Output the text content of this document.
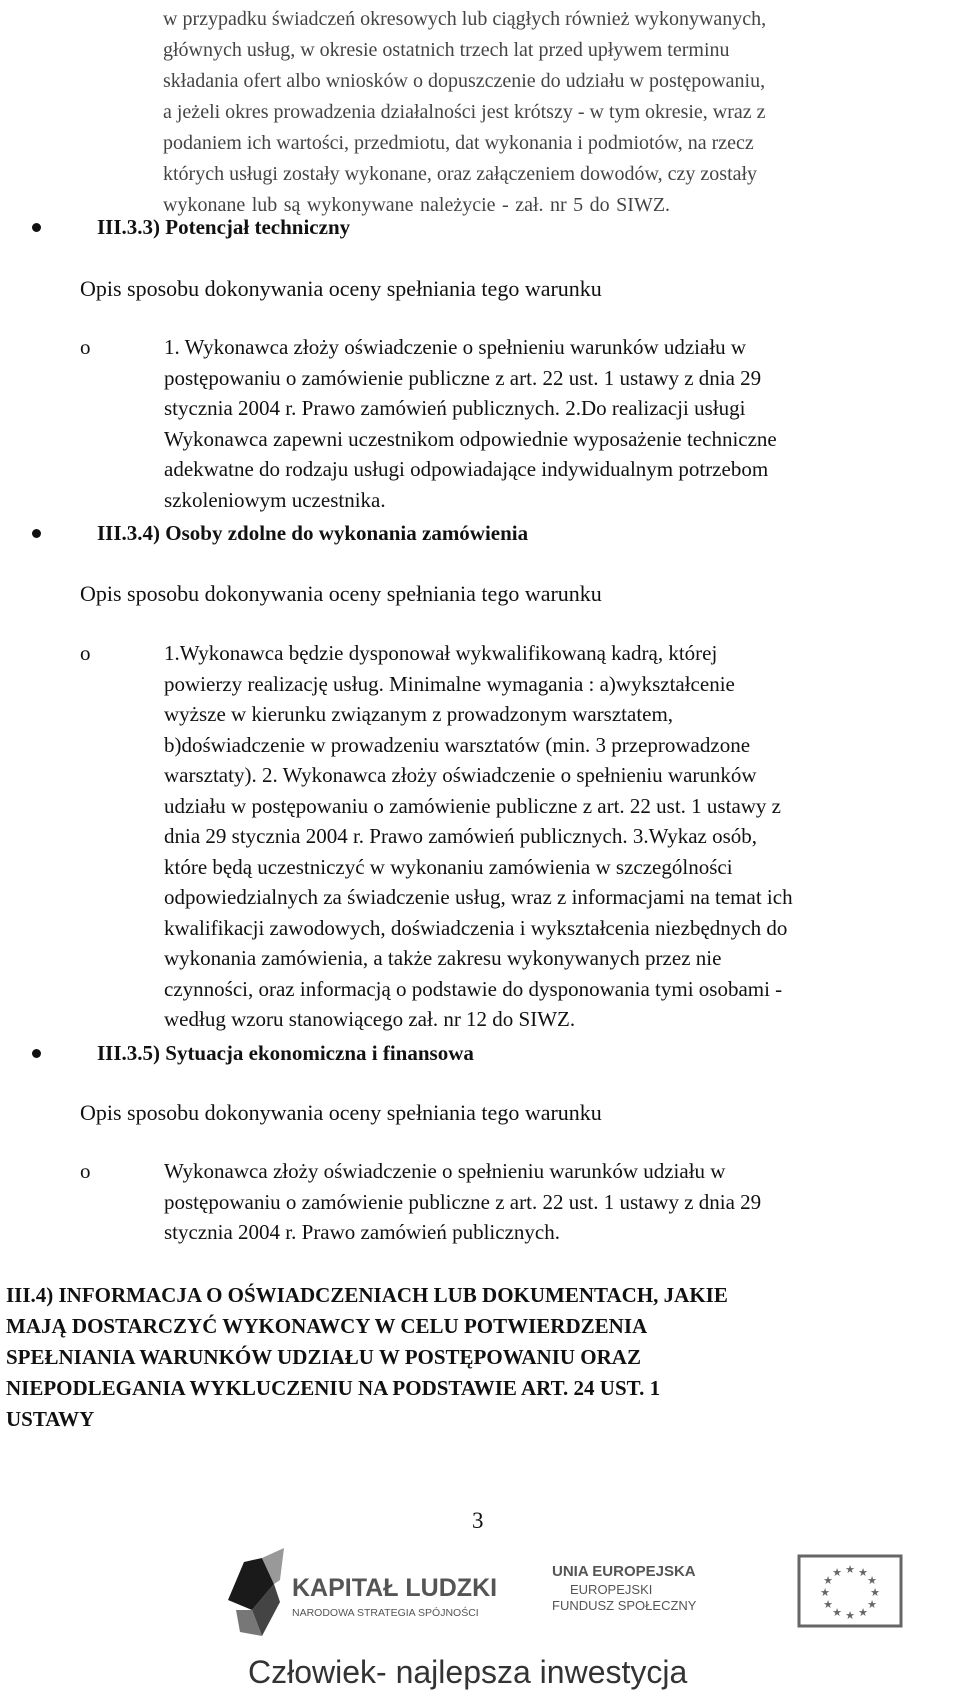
w przypadku świadczeń okresowych lub ciągłych również wykonywanych,
głównych usług, w okresie ostatnich trzech lat przed upływem terminu
składania ofert albo wniosków o dopuszczenie do udziału w postępowaniu,
a jeżeli okres prowadzenia działalności jest krótszy - w tym okresie, wraz z
podaniem ich wartości, przedmiotu, dat wykonania i podmiotów, na rzecz
których usługi zostały wykonane, oraz załączeniem dowodów, czy zostały
wykonane lub są wykonywane należycie - zał. nr 5 do SIWZ.
III.3.3) Potencjał techniczny
Opis sposobu dokonywania oceny spełniania tego warunku
o	1. Wykonawca złoży oświadczenie o spełnieniu warunków udziału w
postępowaniu o zamówienie publiczne z art. 22 ust. 1 ustawy z dnia 29
stycznia 2004 r. Prawo zamówień publicznych. 2.Do realizacji usługi
Wykonawca zapewni uczestnikom odpowiednie wyposażenie techniczne
adekwatne do rodzaju usługi odpowiadające indywidualnym potrzebom
szkoleniowym uczestnika.
III.3.4) Osoby zdolne do wykonania zamówienia
Opis sposobu dokonywania oceny spełniania tego warunku
o	1.Wykonawca będzie dysponował wykwalifikowaną kadrą, której
powierzy realizację usług. Minimalne wymagania : a)wykształcenie
wyższe w kierunku związanym z prowadzonym warsztatem,
b)doświadczenie w prowadzeniu warsztatów (min. 3 przeprowadzone
warsztaty). 2. Wykonawca złoży oświadczenie o spełnieniu warunków
udziału w postępowaniu o zamówienie publiczne z art. 22 ust. 1 ustawy z
dnia 29 stycznia 2004 r. Prawo zamówień publicznych. 3.Wykaz osób,
które będą uczestniczyć w wykonaniu zamówienia w szczególności
odpowiedzialnych za świadczenie usług, wraz z informacjami na temat ich
kwalifikacji zawodowych, doświadczenia i wykształcenia niezbędnych do
wykonania zamówienia, a także zakresu wykonywanych przez nie
czynności, oraz informacją o podstawie do dysponowania tymi osobami -
według wzoru stanowiącego zał. nr 12 do SIWZ.
III.3.5) Sytuacja ekonomiczna i finansowa
Opis sposobu dokonywania oceny spełniania tego warunku
o	Wykonawca złoży oświadczenie o spełnieniu warunków udziału w
postępowaniu o zamówienie publiczne z art. 22 ust. 1 ustawy z dnia 29
stycznia 2004 r. Prawo zamówień publicznych.
III.4) INFORMACJA O OŚWIADCZENIACH LUB DOKUMENTACH, JAKIE
MAJĄ DOSTARCZYĆ WYKONAWCY W CELU POTWIERDZENIA
SPEŁNIANIA WARUNKÓW UDZIAŁU W POSTĘPOWANIU ORAZ
NIEPODLEGANIA WYKLUCZENIU NA PODSTAWIE ART. 24 UST. 1
USTAWY
3
KAPITAŁ LUDZKI
NARODOWA STRATEGIA SPÓJNOŚCI
UNIA EUROPEJSKA
EUROPEJSKI
FUNDUSZ SPOŁECZNY
★ ★
★
★
★
★
★
★
★
★
★
★
Człowiek- najlepsza inwestycja
